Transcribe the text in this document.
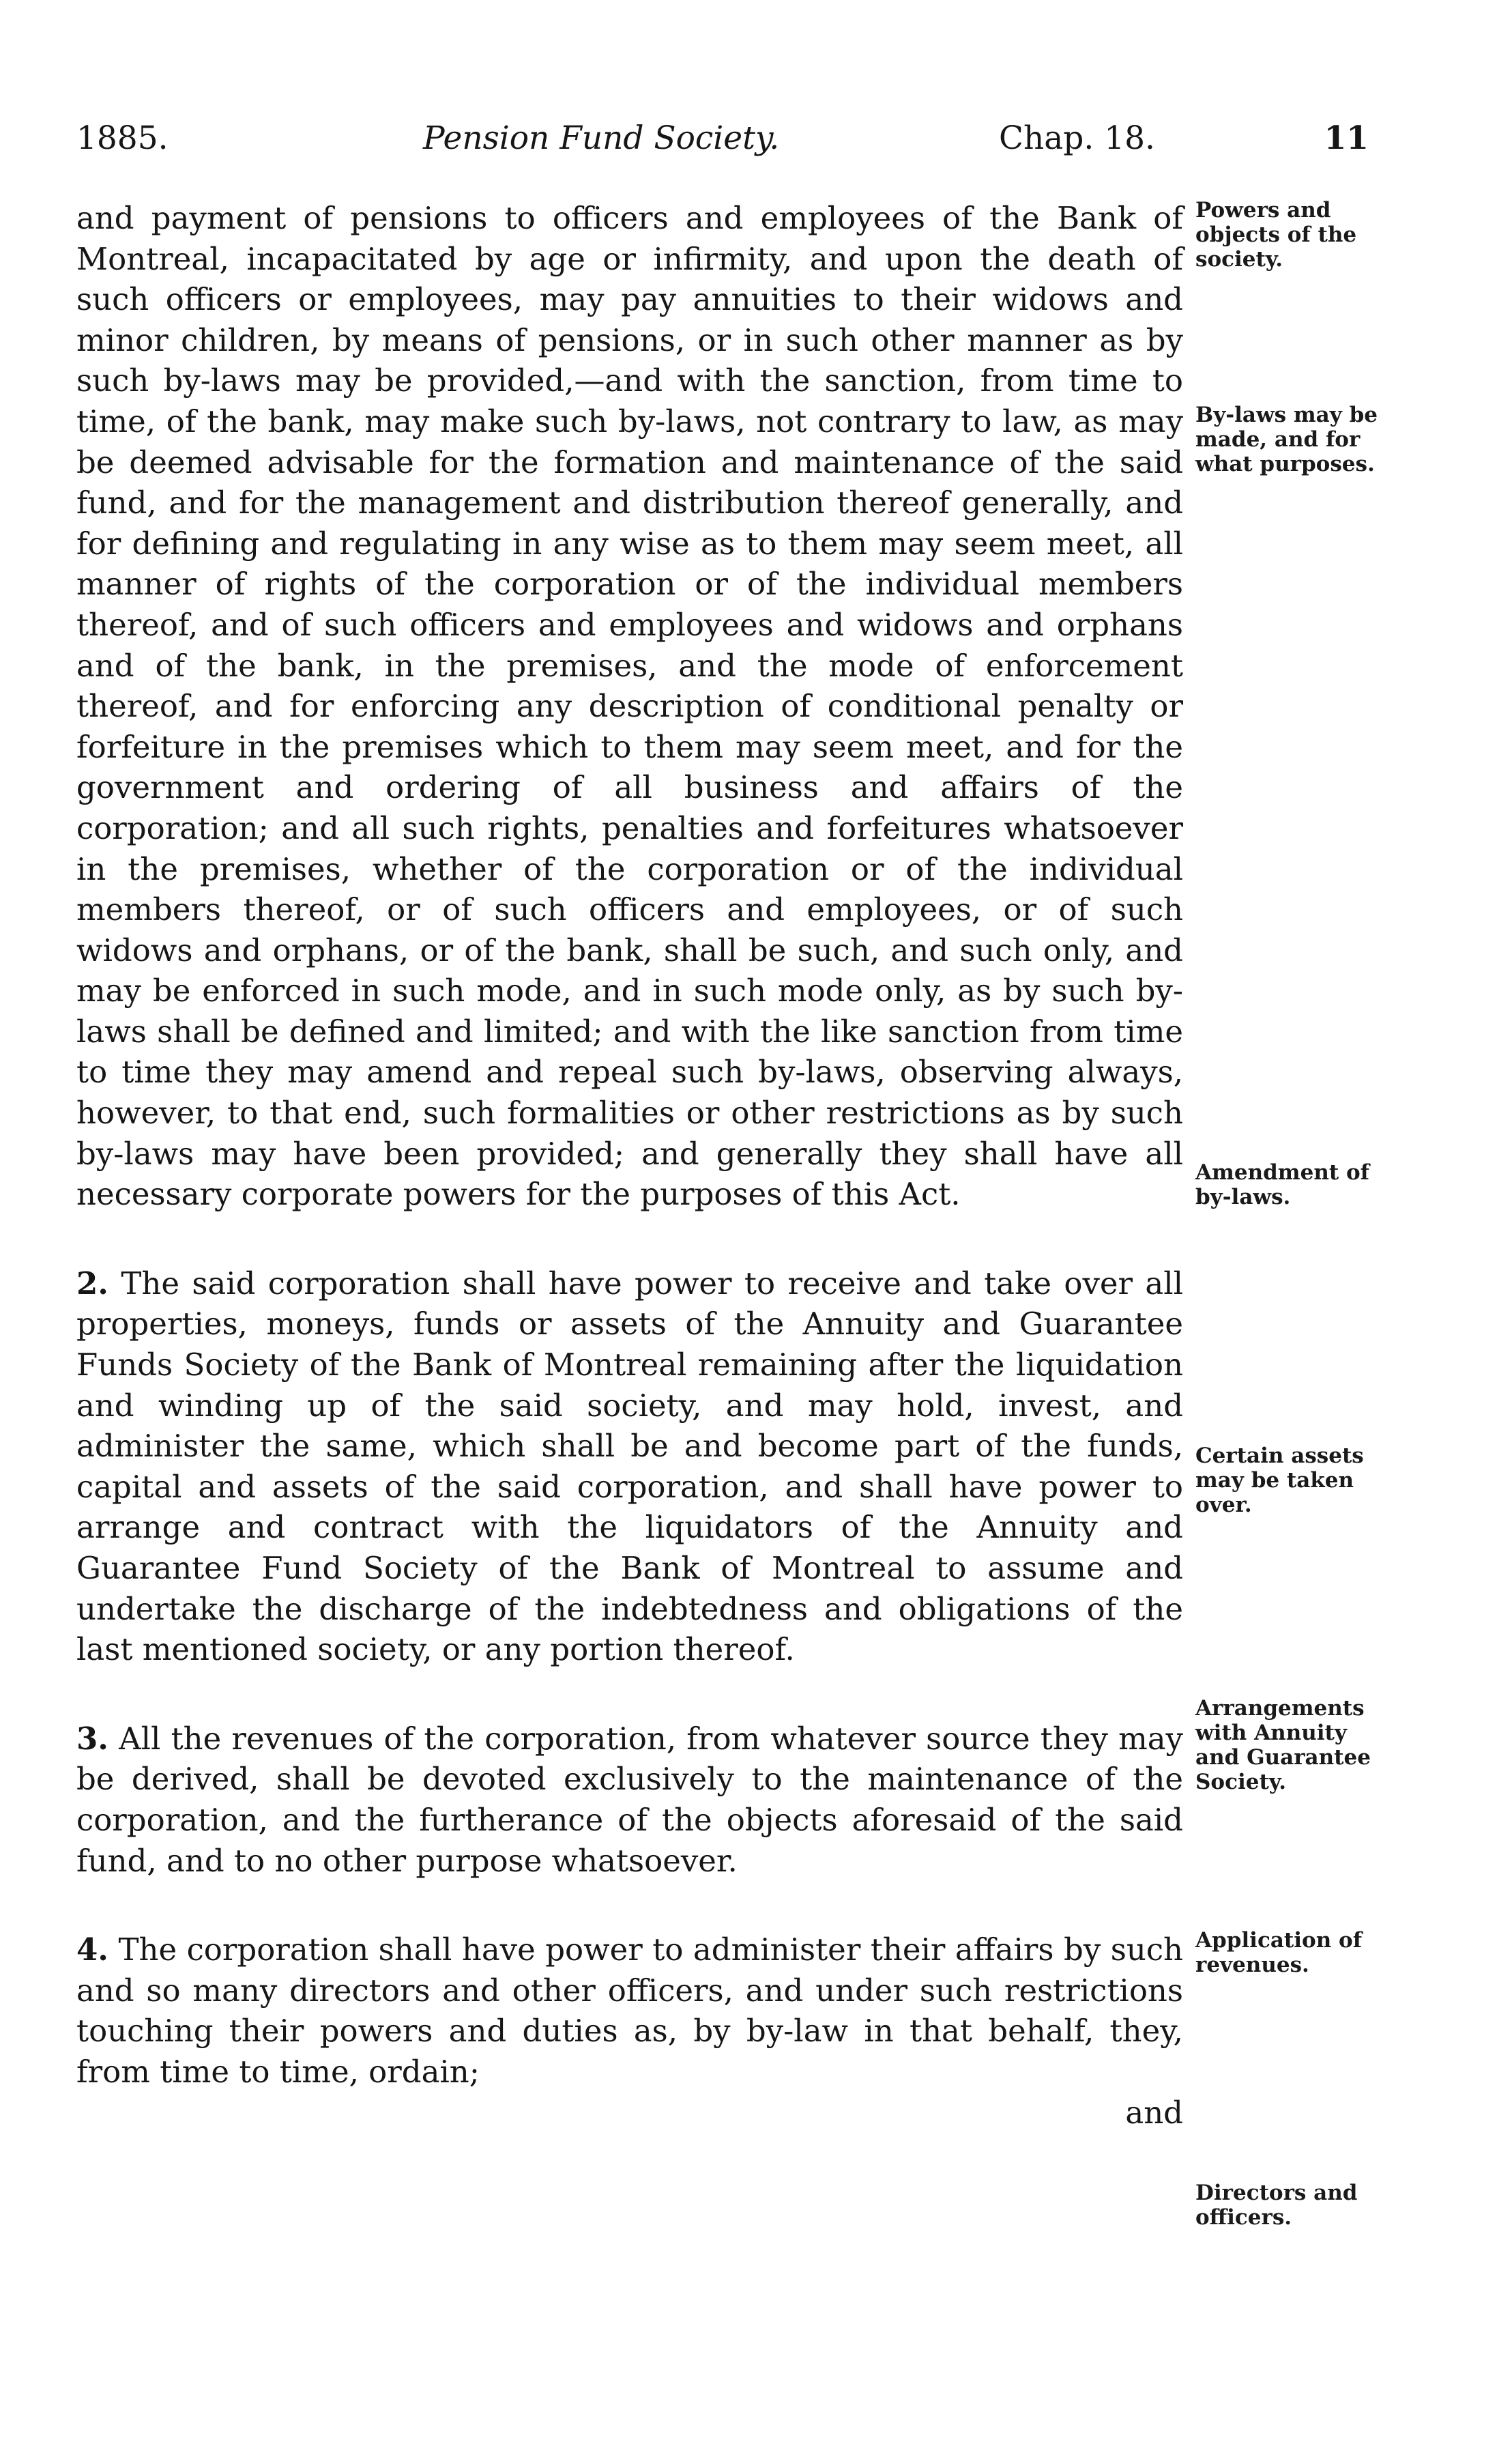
1885.	Pension Fund Society.	Chap. 18.	11

and payment of pensions to officers and employees of the Bank of Montreal, incapacitated by age or infirmity, and upon the death of such officers or employees, may pay annuities to their widows and minor children, by means of pensions, or in such other manner as by such by-laws may be provided,—and with the sanction, from time to time, of the bank, may make such by-laws, not contrary to law, as may be deemed advisable for the formation and maintenance of the said fund, and for the management and distribution thereof generally, and for defining and regulating in any wise as to them may seem meet, all manner of rights of the corporation or of the individual members thereof, and of such officers and employees and widows and orphans and of the bank, in the premises, and the mode of enforcement thereof, and for enforcing any description of conditional penalty or forfeiture in the premises which to them may seem meet, and for the government and ordering of all business and affairs of the corporation; and all such rights, penalties and forfeitures whatsoever in the premises, whether of the corporation or of the individual members thereof, or of such officers and employees, or of such widows and orphans, or of the bank, shall be such, and such only, and may be enforced in such mode, and in such mode only, as by such by-laws shall be defined and limited; and with the like sanction from time to time they may amend and repeal such by-laws, observing always, however, to that end, such formalities or other restrictions as by such by-laws may have been provided; and generally they shall have all necessary corporate powers for the purposes of this Act.

2. The said corporation shall have power to receive and take over all properties, moneys, funds or assets of the Annuity and Guarantee Funds Society of the Bank of Montreal remaining after the liquidation and winding up of the said society, and may hold, invest, and administer the same, which shall be and become part of the funds, capital and assets of the said corporation, and shall have power to arrange and contract with the liquidators of the Annuity and Guarantee Fund Society of the Bank of Montreal to assume and undertake the discharge of the indebtedness and obligations of the last mentioned society, or any portion thereof.

3. All the revenues of the corporation, from whatever source they may be derived, shall be devoted exclusively to the maintenance of the corporation, and the furtherance of the objects aforesaid of the said fund, and to no other purpose whatsoever.

4. The corporation shall have power to administer their affairs by such and so many directors and other officers, and under such restrictions touching their powers and duties as, by by-law in that behalf, they, from time to time, ordain;

and

Powers and objects of the society.
By-laws may be made, and for what purposes.
Amendment of by-laws.
Certain assets may be taken over.
Arrangements with Annuity and Guarantee Society.
Application of revenues.
Directors and officers.
